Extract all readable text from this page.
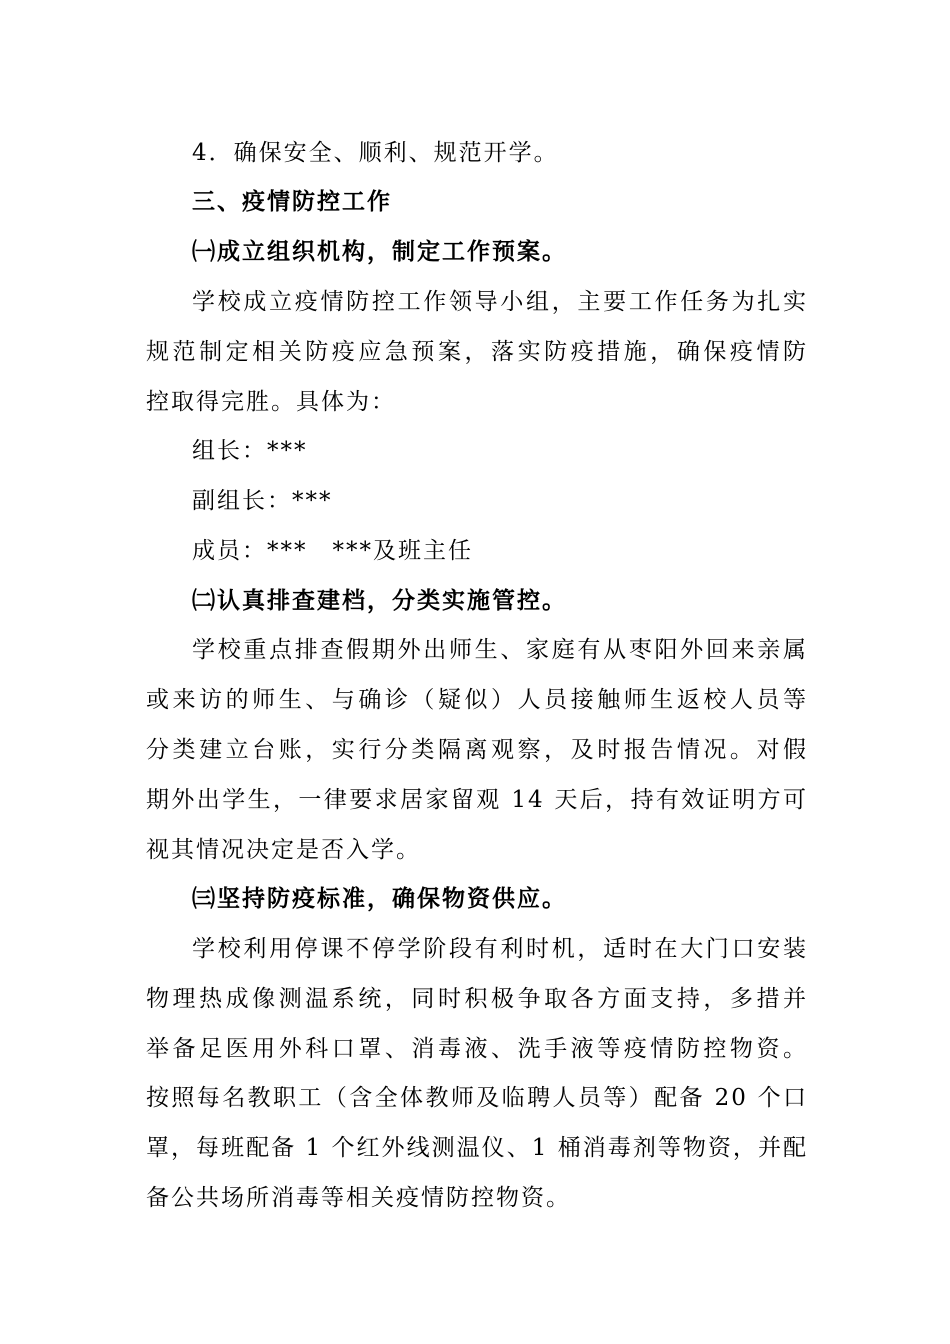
4．确保安全、顺利、规范开学。
三、疫情防控工作
㈠成立组织机构，制定工作预案。
学校成立疫情防控工作领导小组，主要工作任务为扎实
规范制定相关防疫应急预案，落实防疫措施，确保疫情防
控取得完胜。具体为：
组长：***
副组长：***
成员：***　***及班主任
㈡认真排查建档，分类实施管控。
学校重点排查假期外出师生、家庭有从枣阳外回来亲属
或来访的师生、与确诊（疑似）人员接触师生返校人员等
分类建立台账，实行分类隔离观察，及时报告情况。对假
期外出学生，一律要求居家留观 14 天后，持有效证明方可
视其情况决定是否入学。
㈢坚持防疫标准，确保物资供应。
学校利用停课不停学阶段有利时机，适时在大门口安装
物理热成像测温系统，同时积极争取各方面支持，多措并
举备足医用外科口罩、消毒液、洗手液等疫情防控物资。
按照每名教职工（含全体教师及临聘人员等）配备 20 个口
罩，每班配备 1 个红外线测温仪、1 桶消毒剂等物资，并配
备公共场所消毒等相关疫情防控物资。
